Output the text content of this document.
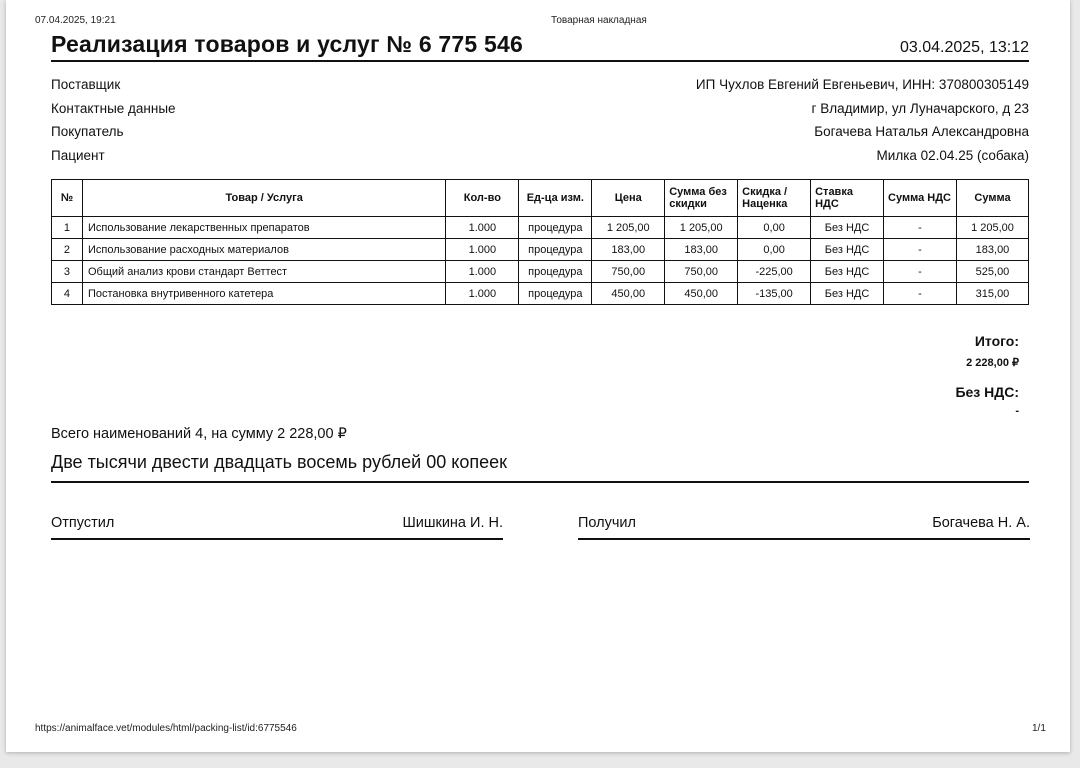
07.04.2025, 19:21	Товарная накладная
Реализация товаров и услуг № 6 775 546	03.04.2025, 13:12
Поставщик	ИП Чухлов Евгений Евгеньевич, ИНН: 370800305149
Контактные данные	г Владимир, ул Луначарского, д 23
Покупатель	Богачева Наталья Александровна
Пациент	Милка 02.04.25 (собака)
№	Товар / Услуга	Кол-во	Ед-ца изм.	Цена	Сумма без скидки	Скидка / Наценка	Ставка НДС	Сумма НДС	Сумма
1	Использование лекарственных препаратов	1.000	процедура	1 205,00	1 205,00	0,00	Без НДС	-	1 205,00
2	Использование расходных материалов	1.000	процедура	183,00	183,00	0,00	Без НДС	-	183,00
3	Общий анализ крови стандарт Веттест	1.000	процедура	750,00	750,00	-225,00	Без НДС	-	525,00
4	Постановка внутривенного катетера	1.000	процедура	450,00	450,00	-135,00	Без НДС	-	315,00
Итого:
2 228,00 ₽
Без НДС:
-
Всего наименований 4, на сумму 2 228,00 ₽
Две тысячи двести двадцать восемь рублей 00 копеек
Отпустил	Шишкина И. Н.	Получил	Богачева Н. А.
https://animalface.vet/modules/html/packing-list/id:6775546	1/1
